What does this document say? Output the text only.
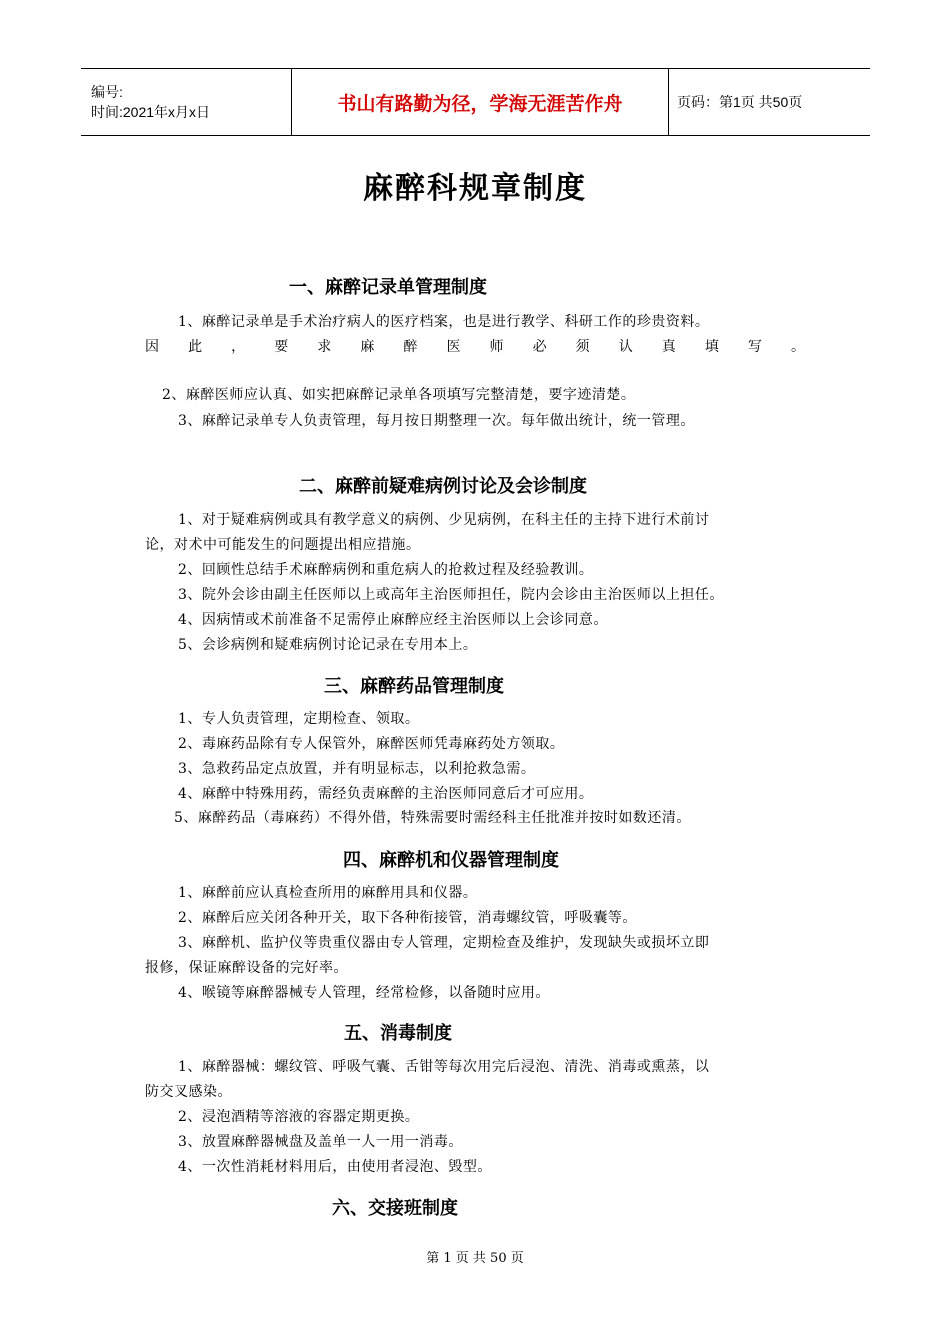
编号:
时间:2021年x月x日	书山有路勤为径，学海无涯苦作舟	页码：第1页 共50页
麻醉科规章制度
一、麻醉记录单管理制度
1、麻醉记录单是手术治疗病人的医疗档案，也是进行教学、科研工作的珍贵资料。
因 此 ， 要 求 麻 醉 医 师 必 须 认 真 填 写 。
2、麻醉医师应认真、如实把麻醉记录单各项填写完整清楚，要字迹清楚。
3、麻醉记录单专人负责管理，每月按日期整理一次。每年做出统计，统一管理。
二、麻醉前疑难病例讨论及会诊制度
1、对于疑难病例或具有教学意义的病例、少见病例，在科主任的主持下进行术前讨
论，对术中可能发生的问题提出相应措施。
2、回顾性总结手术麻醉病例和重危病人的抢救过程及经验教训。
3、院外会诊由副主任医师以上或高年主治医师担任，院内会诊由主治医师以上担任。
4、因病情或术前准备不足需停止麻醉应经主治医师以上会诊同意。
5、会诊病例和疑难病例讨论记录在专用本上。
三、麻醉药品管理制度
1、专人负责管理，定期检查、领取。
2、毒麻药品除有专人保管外，麻醉医师凭毒麻药处方领取。
3、急救药品定点放置，并有明显标志，以利抢救急需。
4、麻醉中特殊用药，需经负责麻醉的主治医师同意后才可应用。
5、麻醉药品（毒麻药）不得外借，特殊需要时需经科主任批准并按时如数还清。
四、麻醉机和仪器管理制度
1、麻醉前应认真检查所用的麻醉用具和仪器。
2、麻醉后应关闭各种开关，取下各种衔接管，消毒螺纹管，呼吸囊等。
3、麻醉机、监护仪等贵重仪器由专人管理，定期检查及维护，发现缺失或损坏立即
报修，保证麻醉设备的完好率。
4、喉镜等麻醉器械专人管理，经常检修，以备随时应用。
五、消毒制度
1、麻醉器械：螺纹管、呼吸气囊、舌钳等每次用完后浸泡、清洗、消毒或熏蒸，以
防交叉感染。
2、浸泡酒精等溶液的容器定期更换。
3、放置麻醉器械盘及盖单一人一用一消毒。
4、一次性消耗材料用后，由使用者浸泡、毁型。
六、交接班制度
第 1 页 共 50 页
